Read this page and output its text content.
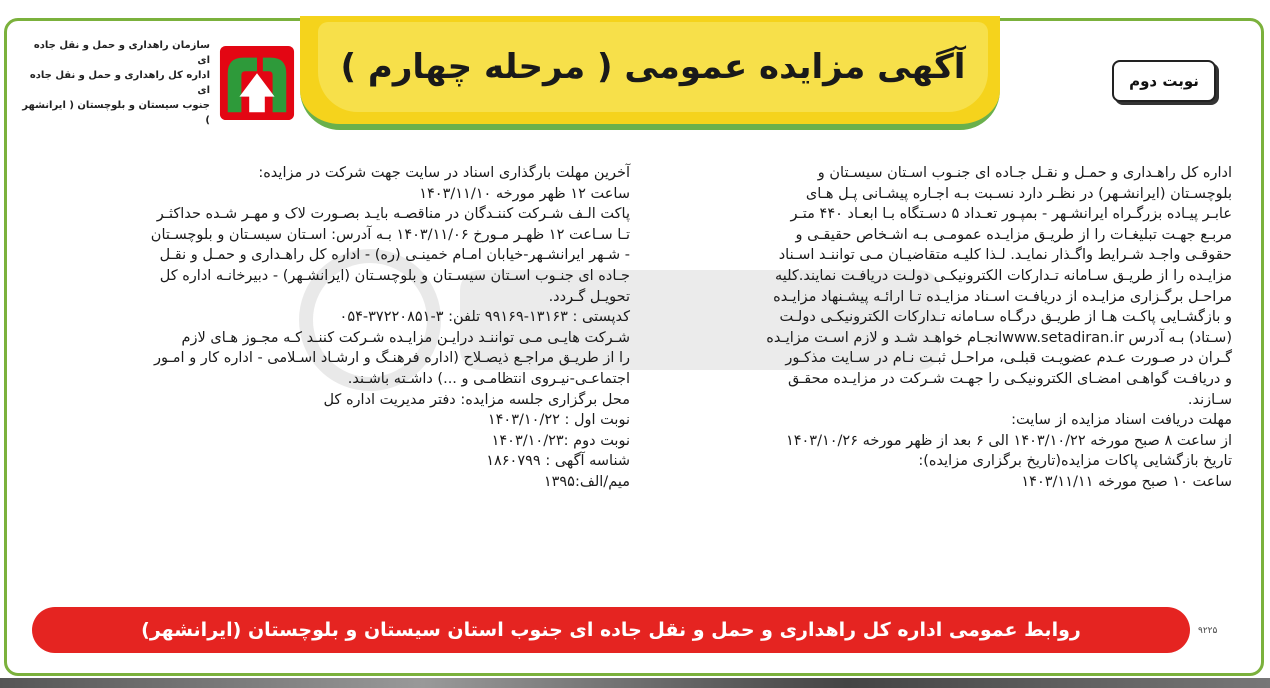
آگهی مزایده عمومی ( مرحله چهارم )
سازمان راهداری و حمل و نقل جاده ای
اداره کل راهداری و حمل و نقل جاده ای
جنوب سیستان و بلوچستان ( ایرانشهر )
نوبت دوم
اداره کل راهـداری و حمـل و نقـل جـاده ای جنـوب اسـتان سیسـتان و
بلوچسـتان (ایرانشـهر) در نظـر دارد نسـبت بـه اجـاره پیشـانی پـل هـای
عابـر پیـاده بزرگـراه ایرانشـهر - بمپـور تعـداد ۵ دسـتگاه بـا ابعـاد ۴۴۰ متـر
مربـع جهـت تبلیغـات را از طریـق مزایـده عمومـی بـه اشـخاص حقیقـی و
حقوقـی واجـد شـرایط واگـذار نمایـد. لـذا کلیـه متقاضیـان مـی تواننـد اسـناد
مزایـده را از طریـق سـامانه تـدارکات الکترونیکـی دولـت دریافـت نمایند.کلیه
مراحـل برگـزاری مزایـده از دریافـت اسـناد مزایـده تـا ارائـه پیشـنهاد مزایـده
و بازگشـایی پاکـت هـا از طریـق درگـاه سـامانه تـدارکات الکترونیکـی دولـت
(سـتاد) بـه آدرس www.setadiran.irانجـام خواهـد شـد و لازم اسـت مزایـده
گـران در صـورت عـدم عضویـت قبلـی، مراحـل ثبـت نـام در سـایت مذکـور
و دریافـت گواهـی امضـای الکترونیکـی را جهـت شـرکت در مزایـده محقـق
سـازند.
مهلت دریافت اسناد مزایده از سایت:
از ساعت ۸ صبح مورخه ۱۴۰۳/۱۰/۲۲ الی ۶ بعد از ظهر مورخه ۱۴۰۳/۱۰/۲۶
تاریخ بازگشایی پاکات مزایده(تاریخ برگزاری مزایده):
ساعت ۱۰ صبح مورخه ۱۴۰۳/۱۱/۱۱
آخرین مهلت بارگذاری اسناد در سایت جهت شرکت در مزایده:
ساعت ۱۲ ظهر مورخه ۱۴۰۳/۱۱/۱۰
پاکت الـف شـرکت کننـدگان در مناقصـه بایـد بصـورت لاک و مهـر شـده حداکثـر
تـا سـاعت ۱۲ ظهـر مـورخ ۱۴۰۳/۱۱/۰۶ بـه آدرس: اسـتان سیسـتان و بلوچسـتان
- شـهر ایرانشـهر-خیابان امـام خمینـی (ره) - اداره کل راهـداری و حمـل و نقـل
جـاده ای جنـوب اسـتان سیسـتان و بلوچسـتان (ایرانشـهر) - دبیرخانـه اداره کل
تحویـل گـردد.
کدپستی : ۱۳۱۶۳-۹۹۱۶۹ تلفن: ۳-۳۷۲۲۰۸۵۱-۰۵۴
شـرکت هایـی مـی تواننـد درایـن مزایـده شـرکت کننـد کـه مجـوز هـای لازم
را از طریـق مراجـع ذیصـلاح (اداره فرهنـگ و ارشـاد اسـلامی - اداره کار و امـور
اجتماعـی-نیـروی انتظامـی و ...) داشـته باشـند.
محل برگزاری جلسه مزایده: دفتر مدیریت اداره کل
نوبت اول : ۱۴۰۳/۱۰/۲۲
نوبت دوم :۱۴۰۳/۱۰/۲۳
شناسه آگهی : ۱۸۶۰۷۹۹
میم/الف:۱۳۹۵
روابط عمومی اداره کل راهداری و حمل و نقل جاده ای جنوب استان سیستان و بلوچستان (ایرانشهر)	۹۲۲۵
